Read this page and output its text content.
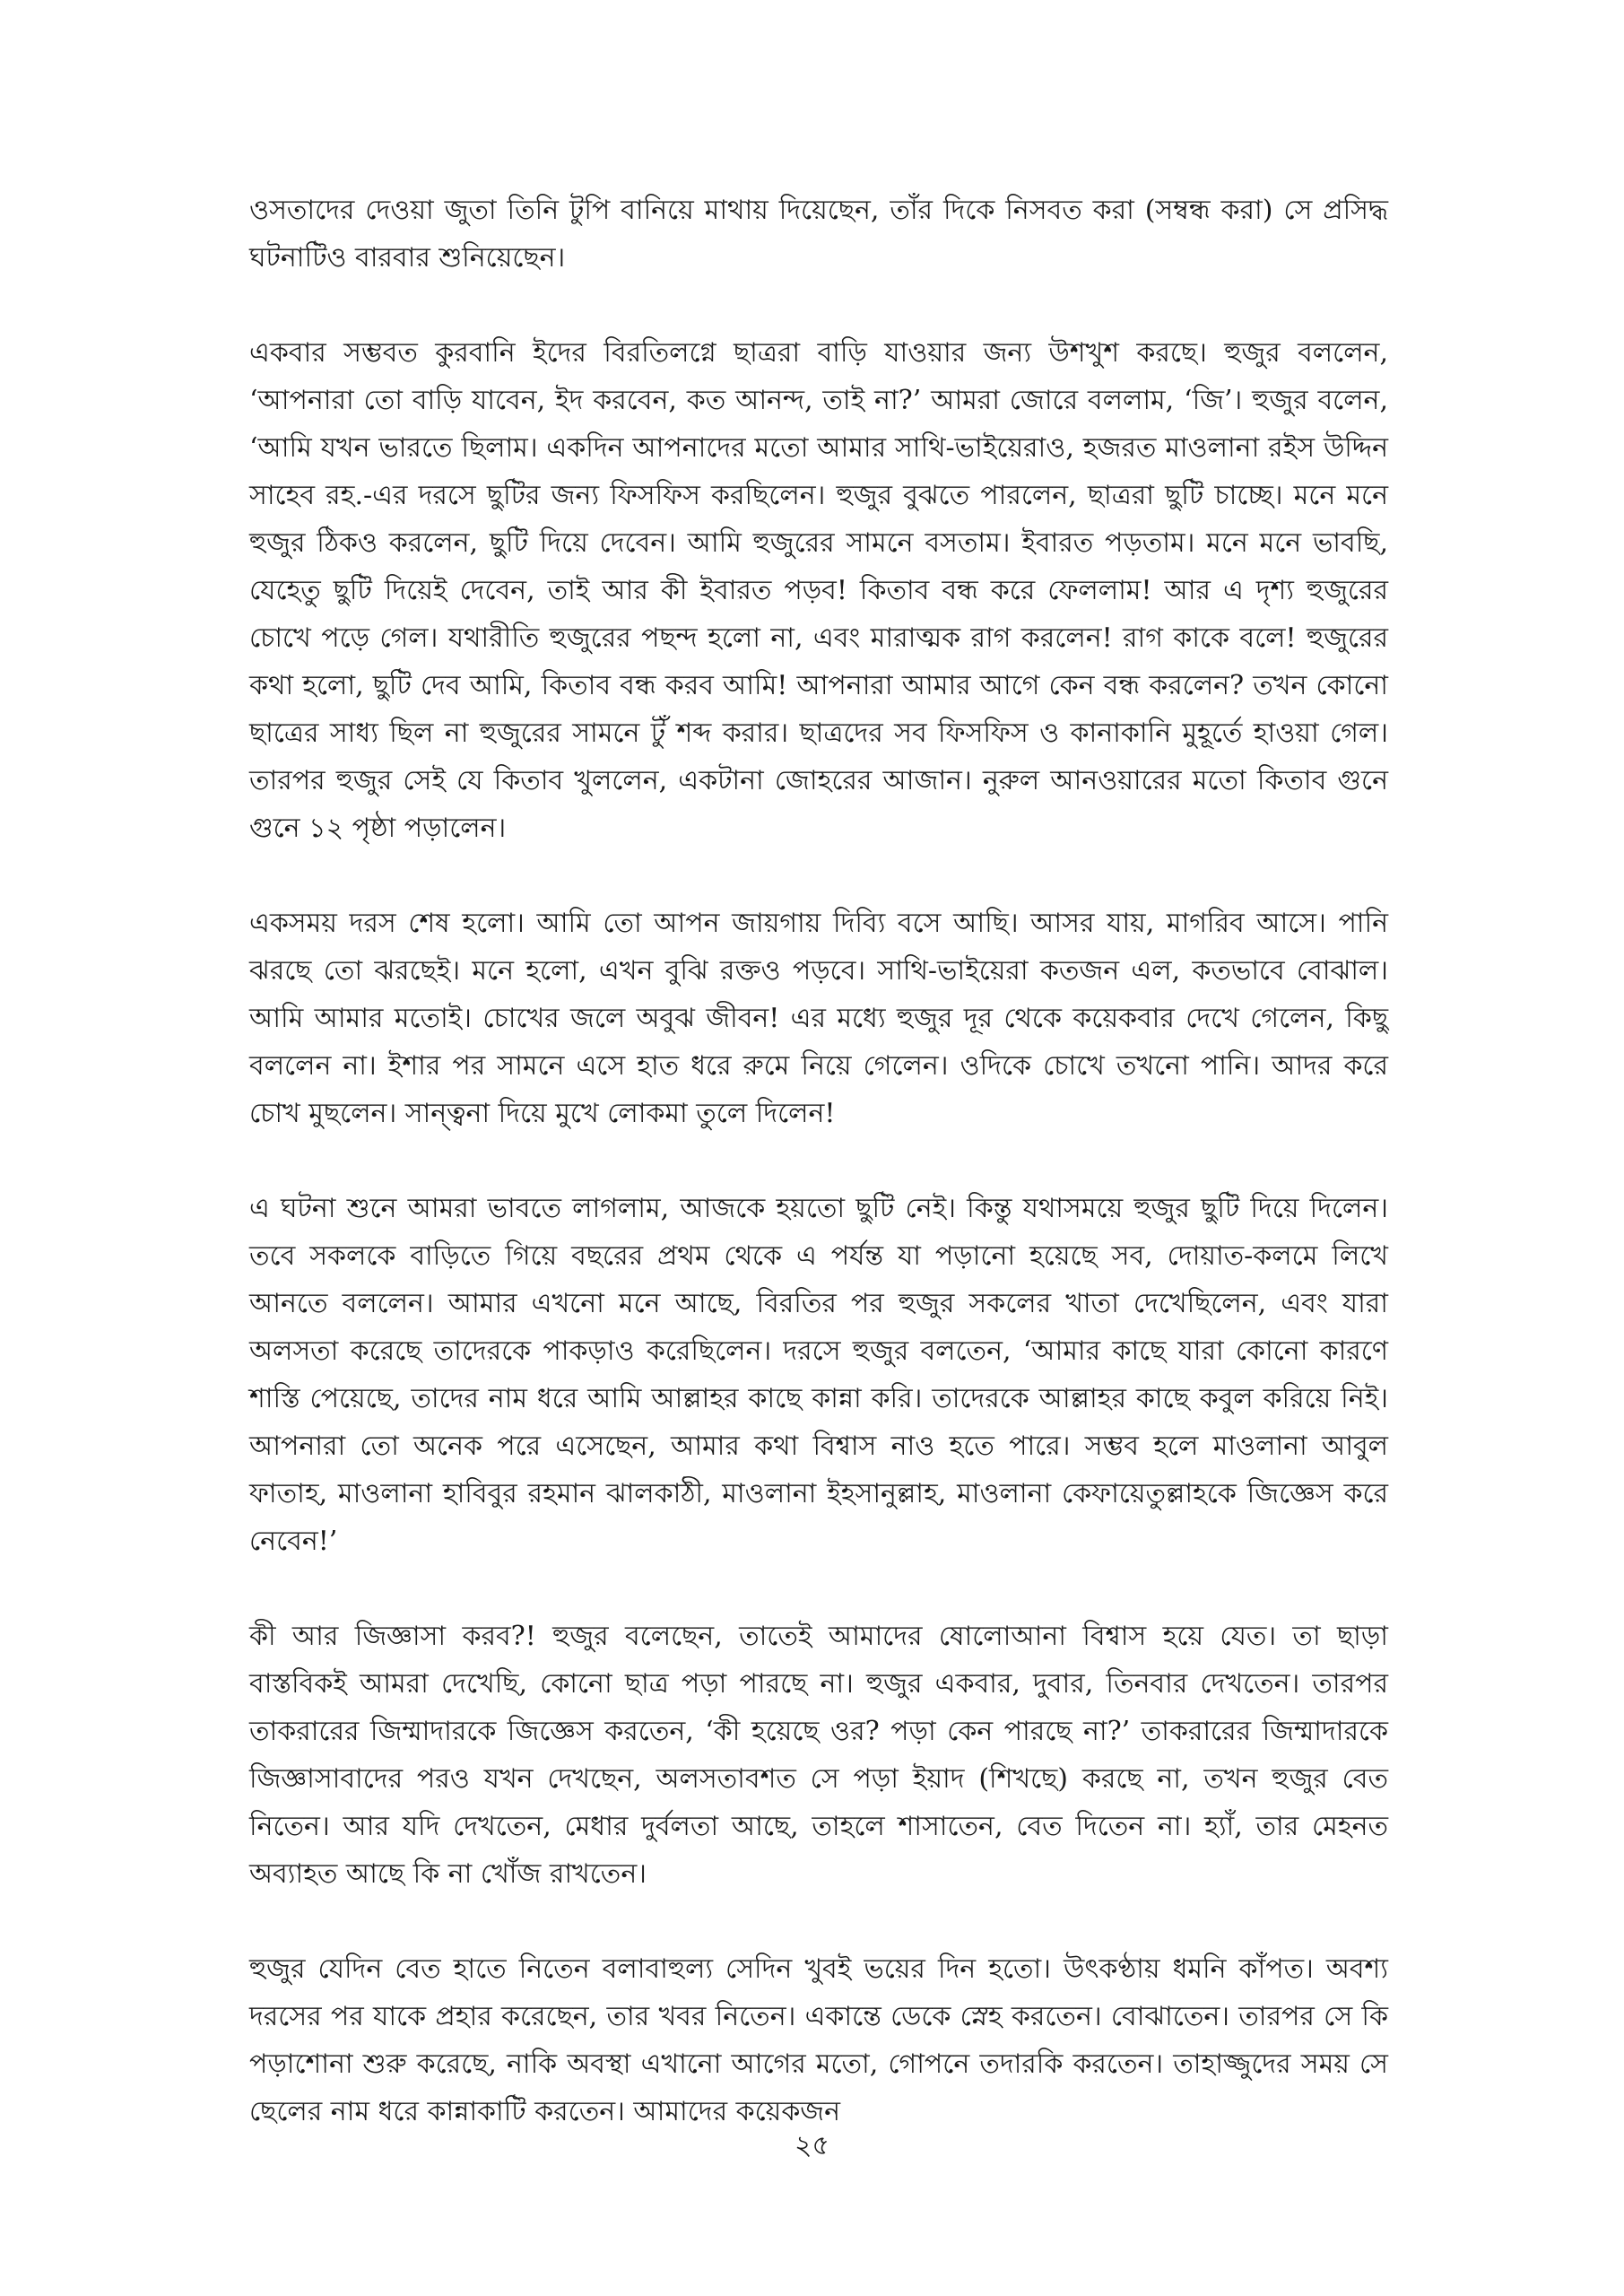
ওসতাদের দেওয়া জুতা তিনি টুপি বানিয়ে মাথায় দিয়েছেন, তাঁর দিকে নিসবত করা (সম্বন্ধ করা) সে প্রসিদ্ধ ঘটনাটিও বারবার শুনিয়েছেন।

একবার সম্ভবত কুরবানি ইদের বিরতিলগ্নে ছাত্ররা বাড়ি যাওয়ার জন্য উশখুশ করছে। হুজুর বললেন, ‘আপনারা তো বাড়ি যাবেন, ইদ করবেন, কত আনন্দ, তাই না?’ আমরা জোরে বললাম, ‘জি’। হুজুর বলেন, ‘আমি যখন ভারতে ছিলাম। একদিন আপনাদের মতো আমার সাথি-ভাইয়েরাও, হজরত মাওলানা রইস উদ্দিন সাহেব রহ.-এর দরসে ছুটির জন্য ফিসফিস করছিলেন। হুজুর বুঝতে পারলেন, ছাত্ররা ছুটি চাচ্ছে। মনে মনে হুজুর ঠিকও করলেন, ছুটি দিয়ে দেবেন। আমি হুজুরের সামনে বসতাম। ইবারত পড়তাম। মনে মনে ভাবছি, যেহেতু ছুটি দিয়েই দেবেন, তাই আর কী ইবারত পড়ব! কিতাব বন্ধ করে ফেললাম! আর এ দৃশ্য হুজুরের চোখে পড়ে গেল। যথারীতি হুজুরের পছন্দ হলো না, এবং মারাত্মক রাগ করলেন! রাগ কাকে বলে! হুজুরের কথা হলো, ছুটি দেব আমি, কিতাব বন্ধ করব আমি! আপনারা আমার আগে কেন বন্ধ করলেন? তখন কোনো ছাত্রের সাধ্য ছিল না হুজুরের সামনে টুঁ শব্দ করার। ছাত্রদের সব ফিসফিস ও কানাকানি মুহূর্তে হাওয়া গেল। তারপর হুজুর সেই যে কিতাব খুললেন, একটানা জোহরের আজান। নুরুল আনওয়ারের মতো কিতাব গুনে গুনে ১২ পৃষ্ঠা পড়ালেন।

একসময় দরস শেষ হলো। আমি তো আপন জায়গায় দিব্যি বসে আছি। আসর যায়, মাগরিব আসে। পানি ঝরছে তো ঝরছেই। মনে হলো, এখন বুঝি রক্তও পড়বে। সাথি-ভাইয়েরা কতজন এল, কতভাবে বোঝাল। আমি আমার মতোই। চোখের জলে অবুঝ জীবন! এর মধ্যে হুজুর দূর থেকে কয়েকবার দেখে গেলেন, কিছু বললেন না। ইশার পর সামনে এসে হাত ধরে রুমে নিয়ে গেলেন। ওদিকে চোখে তখনো পানি। আদর করে চোখ মুছলেন। সান্ত্বনা দিয়ে মুখে লোকমা তুলে দিলেন!

এ ঘটনা শুনে আমরা ভাবতে লাগলাম, আজকে হয়তো ছুটি নেই। কিন্তু যথাসময়ে হুজুর ছুটি দিয়ে দিলেন। তবে সকলকে বাড়িতে গিয়ে বছরের প্রথম থেকে এ পর্যন্ত যা পড়ানো হয়েছে সব, দোয়াত-কলমে লিখে আনতে বললেন। আমার এখনো মনে আছে, বিরতির পর হুজুর সকলের খাতা দেখেছিলেন, এবং যারা অলসতা করেছে তাদেরকে পাকড়াও করেছিলেন। দরসে হুজুর বলতেন, ‘আমার কাছে যারা কোনো কারণে শাস্তি পেয়েছে, তাদের নাম ধরে আমি আল্লাহর কাছে কান্না করি। তাদেরকে আল্লাহর কাছে কবুল করিয়ে নিই। আপনারা তো অনেক পরে এসেছেন, আমার কথা বিশ্বাস নাও হতে পারে। সম্ভব হলে মাওলানা আবুল ফাতাহ, মাওলানা হাবিবুর রহমান ঝালকাঠী, মাওলানা ইহসানুল্লাহ, মাওলানা কেফায়েতুল্লাহকে জিজ্ঞেস করে নেবেন!’

কী আর জিজ্ঞাসা করব?! হুজুর বলেছেন, তাতেই আমাদের ষোলোআনা বিশ্বাস হয়ে যেত। তা ছাড়া বাস্তবিকই আমরা দেখেছি, কোনো ছাত্র পড়া পারছে না। হুজুর একবার, দুবার, তিনবার দেখতেন। তারপর তাকরারের জিম্মাদারকে জিজ্ঞেস করতেন, ‘কী হয়েছে ওর? পড়া কেন পারছে না?’ তাকরারের জিম্মাদারকে জিজ্ঞাসাবাদের পরও যখন দেখছেন, অলসতাবশত সে পড়া ইয়াদ (শিখছে) করছে না, তখন হুজুর বেত নিতেন। আর যদি দেখতেন, মেধার দুর্বলতা আছে, তাহলে শাসাতেন, বেত দিতেন না। হ্যাঁ, তার মেহনত অব্যাহত আছে কি না খোঁজ রাখতেন।

হুজুর যেদিন বেত হাতে নিতেন বলাবাহুল্য সেদিন খুবই ভয়ের দিন হতো। উৎকণ্ঠায় ধমনি কাঁপত। অবশ্য দরসের পর যাকে প্রহার করেছেন, তার খবর নিতেন। একান্তে ডেকে স্নেহ করতেন। বোঝাতেন। তারপর সে কি পড়াশোনা শুরু করেছে, নাকি অবস্থা এখানো আগের মতো, গোপনে তদারকি করতেন। তাহাজ্জুদের সময় সে ছেলের নাম ধরে কান্নাকাটি করতেন। আমাদের কয়েকজন

২৫
